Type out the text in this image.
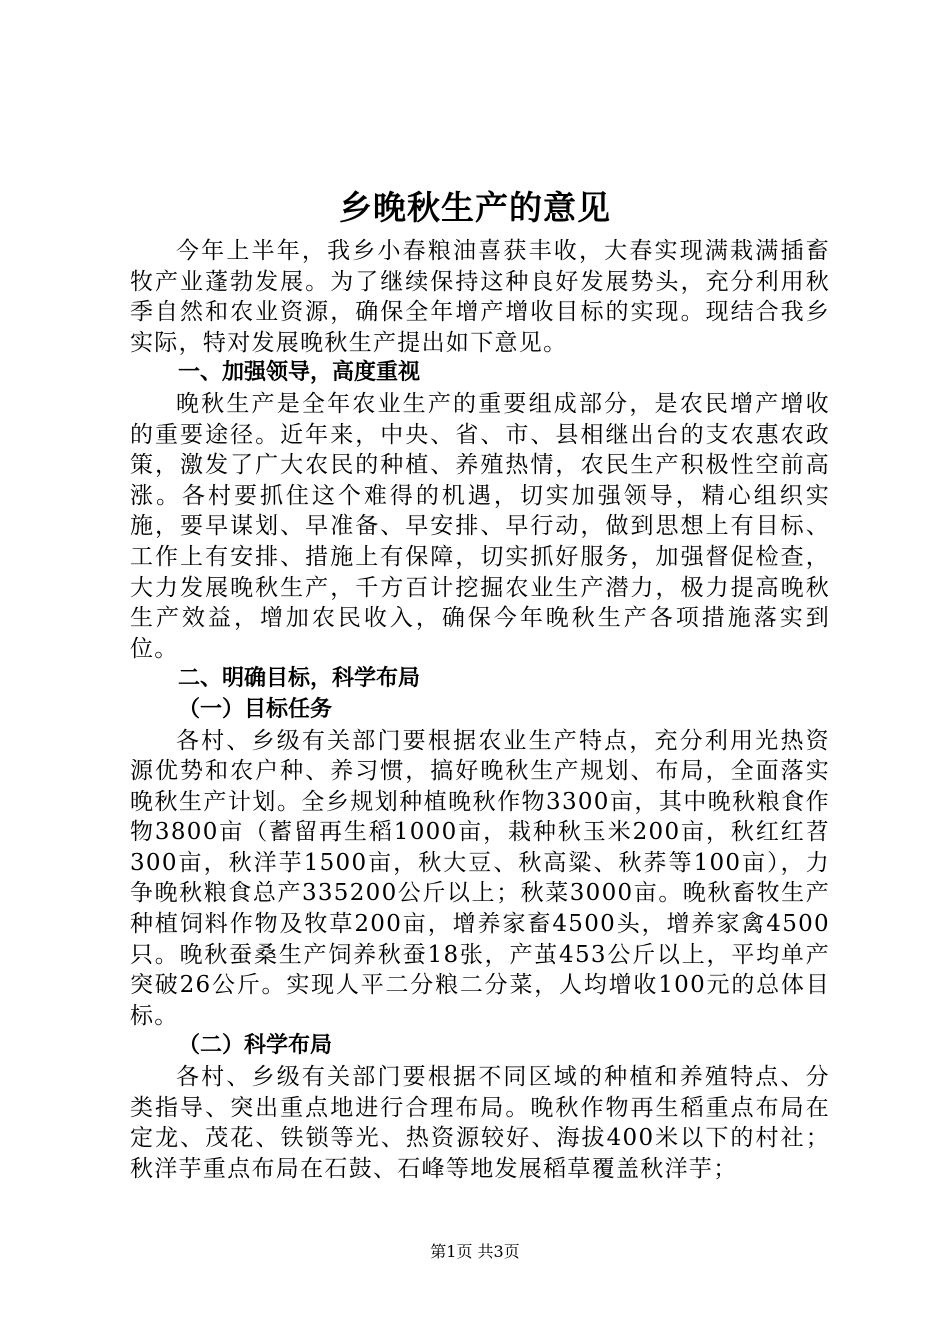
乡晚秋生产的意见

今年上半年，我乡小春粮油喜获丰收，大春实现满栽满插畜牧产业蓬勃发展。为了继续保持这种良好发展势头，充分利用秋季自然和农业资源，确保全年增产增收目标的实现。现结合我乡实际，特对发展晚秋生产提出如下意见。

一、加强领导，高度重视

晚秋生产是全年农业生产的重要组成部分，是农民增产增收的重要途径。近年来，中央、省、市、县相继出台的支农惠农政策，激发了广大农民的种植、养殖热情，农民生产积极性空前高涨。各村要抓住这个难得的机遇，切实加强领导，精心组织实施，要早谋划、早准备、早安排、早行动，做到思想上有目标、工作上有安排、措施上有保障，切实抓好服务，加强督促检查，大力发展晚秋生产，千方百计挖掘农业生产潜力，极力提高晚秋生产效益，增加农民收入，确保今年晚秋生产各项措施落实到位。

二、明确目标，科学布局

（一）目标任务

各村、乡级有关部门要根据农业生产特点，充分利用光热资源优势和农户种、养习惯，搞好晚秋生产规划、布局，全面落实晚秋生产计划。全乡规划种植晚秋作物3300亩，其中晚秋粮食作物3800亩（蓄留再生稻1000亩，栽种秋玉米200亩，秋红红苕300亩，秋洋芋1500亩，秋大豆、秋高粱、秋荞等100亩），力争晚秋粮食总产335200公斤以上；秋菜3000亩。晚秋畜牧生产种植饲料作物及牧草200亩，增养家畜4500头，增养家禽4500只。晚秋蚕桑生产饲养秋蚕18张，产茧453公斤以上，平均单产突破26公斤。实现人平二分粮二分菜，人均增收100元的总体目标。

（二）科学布局

各村、乡级有关部门要根据不同区域的种植和养殖特点、分类指导、突出重点地进行合理布局。晚秋作物再生稻重点布局在定龙、茂花、铁锁等光、热资源较好、海拔400米以下的村社；秋洋芋重点布局在石鼓、石峰等地发展稻草覆盖秋洋芋；

第1页 共3页
